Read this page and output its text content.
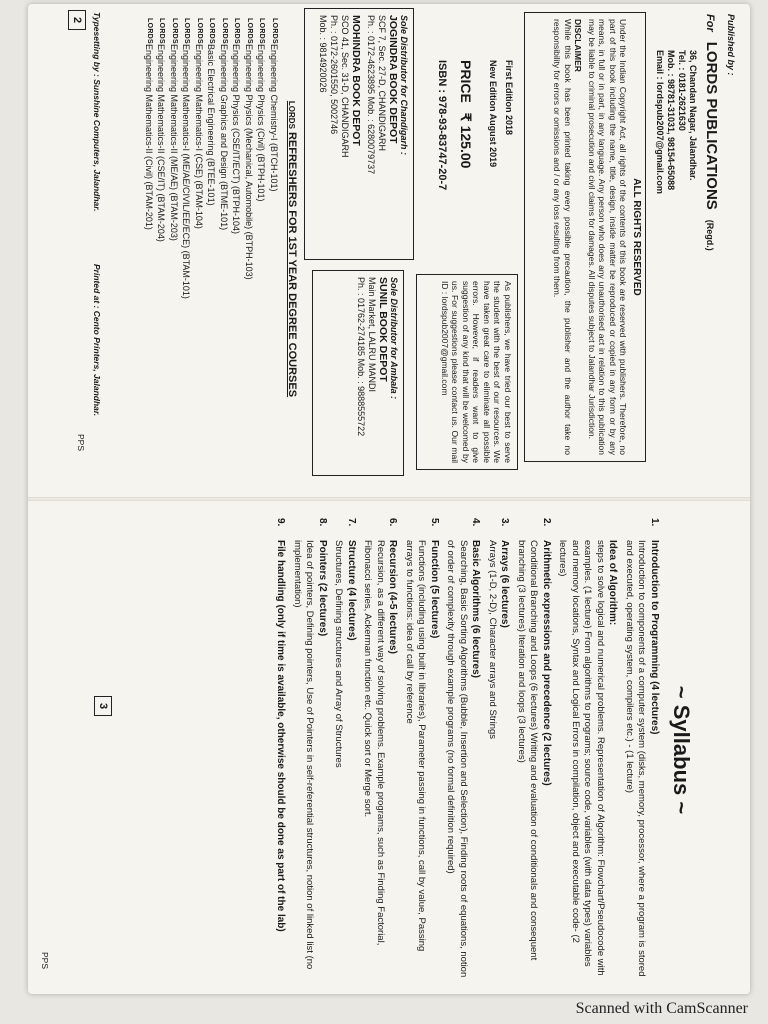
Published by :
For
LORDS PUBLICATIONS
(Regd.)
36, Chandan Nagar, Jalandhar.
Tel. : 0181-2621630
Mob. : 98781-31031, 98154-65088
Email : lordspub2007@gmail.com
ALL RIGHTS RESERVED
Under the Indian Copyright Act, all rights of the contents of this book are reserved with publishers. Therefore, no part of this book including the name, title, design, inside matter be reproduced or copied in any form or by any means, in full or in part, in any language. Any person who does any unauthorised act in relation to this publication may be liable to criminal prosecution and civil claims for damages. All disputes subject to Jalandhar Jurisdiction.
DISCLAIMER
While this book has been printed taking every possible precaution, the publisher and the author take no responsibility for errors or omissions and / or any loss resulting from them.
First Edition 2018
New Edition August 2019
PRICE
₹ 125.00
ISBN : 978-93-83747-20-7
As publishers, we have tried our best to serve the student with the best of our resources. We have taken great care to eliminate all possible errors. However, if readers want to give suggestion of any kind that will be welcomed by us. For suggestions please contact us. Our mail ID : lordspub2007@gmail.com
Sole Distributor for Chandigarh :
JOGINDRA BOOK DEPOT
SCF 7, Sec. 27-D, CHANDIGARH
Ph. : 0172-4623895 Mob. : 6280079737
MOHINDRA BOOK DEPOT
SCO 41, Sec. 31-D, CHANDIGARH
Ph. : 0172-2601550, 5002746
Mob. : 9814920026
Sole Distributor for Ambala :
SUNIL BOOK DEPOT
Main Market, LALRU MANDI
Ph. : 01762-274185 Mob. : 9888555722
LORDS REFRESHERS FOR 1ST YEAR DEGREE COURSES
LORDS
Engineering Chemistry-I (BTCH-101)
LORDS
Engineering Physics (Civil) (BTPH-101)
LORDS
Engineering Physics (Mechanical, Automobile) (BTPH-103)
LORDS
Engineering Physics (CSE/IT/ECT) (BTPH-104)
LORDS
Engineering Graphics and Design (BTME-101)
LORDS
Basic Electrical Engineering (BTEE-101)
LORDS
Engineering Mathematics-I (CSE) (BTAM-104)
LORDS
Engineering Mathematics-I (ME/AE/CIVIL/EE/ECE) (BTAM-101)
LORDS
Engineering Mathematics-II (ME/AE) (BTAM-203)
LORDS
Engineering Mathematics-II (CSE/IT) (BTAM-204)
LORDS
Engineering Mathematics-II (Civil) (BTAM-201)
Typesetting by : Sunshine Computers, Jalandhar.
2
Printed at : Cento Printers, Jalandhar.
PPS
~ Syllabus ~
1.
Introduction to Programming (4 lectures)
Introduction to components of a computer system (disks, memory, processor, where a program is stored and executed, operating system, compilers etc.) - (1 lecture)
Idea of Algorithm:
steps to solve logical and numerical problems. Representation of Algorithm: Flowchart/Pseudocode with examples. (1 lecture) From algorithms to programs; source code, variables (with data types) variables and memory locations, Syntax and Logical Errors in compilation, object and executable code- (2 lectures)
2.
Arithmetic expressions and precedence (2 lectures)
Conditional Branching and Loops (6 lectures) Writing and evaluation of conditionals and consequent branching (3 lectures) Iteration and loops (3 lectures)
3.
Arrays (6 lectures)
Arrays (1-D, 2-D), Character arrays and Strings
4.
Basic Algorithms (6 lectures)
Searching, Basic Sorting Algorithms (Bubble, Insertion and Selection), Finding roots of equations, notion of order of complexity through example programs (no formal definition required)
5.
Function (5 lectures)
Functions (including using built in libraries), Parameter passing in functions, call by value, Passing arrays to functions: idea of call by reference
6.
Recursion (4-5 lectures)
Recursion, as a different way of solving problems. Example programs, such as Finding Factorial, Fibonacci series, Ackerman function etc. Quick sort or Merge sort.
7.
Structure (4 lectures)
Structures, Defining structures and Array of Structures
8.
Pointers (2 lectures)
Idea of pointers, Defining pointers, Use of Pointers in self-referential structures, notion of linked list (no implementation)
9.
File handling (only if time is available, otherwise should be done as part of the lab)
3
PPS
Scanned with CamScanner
